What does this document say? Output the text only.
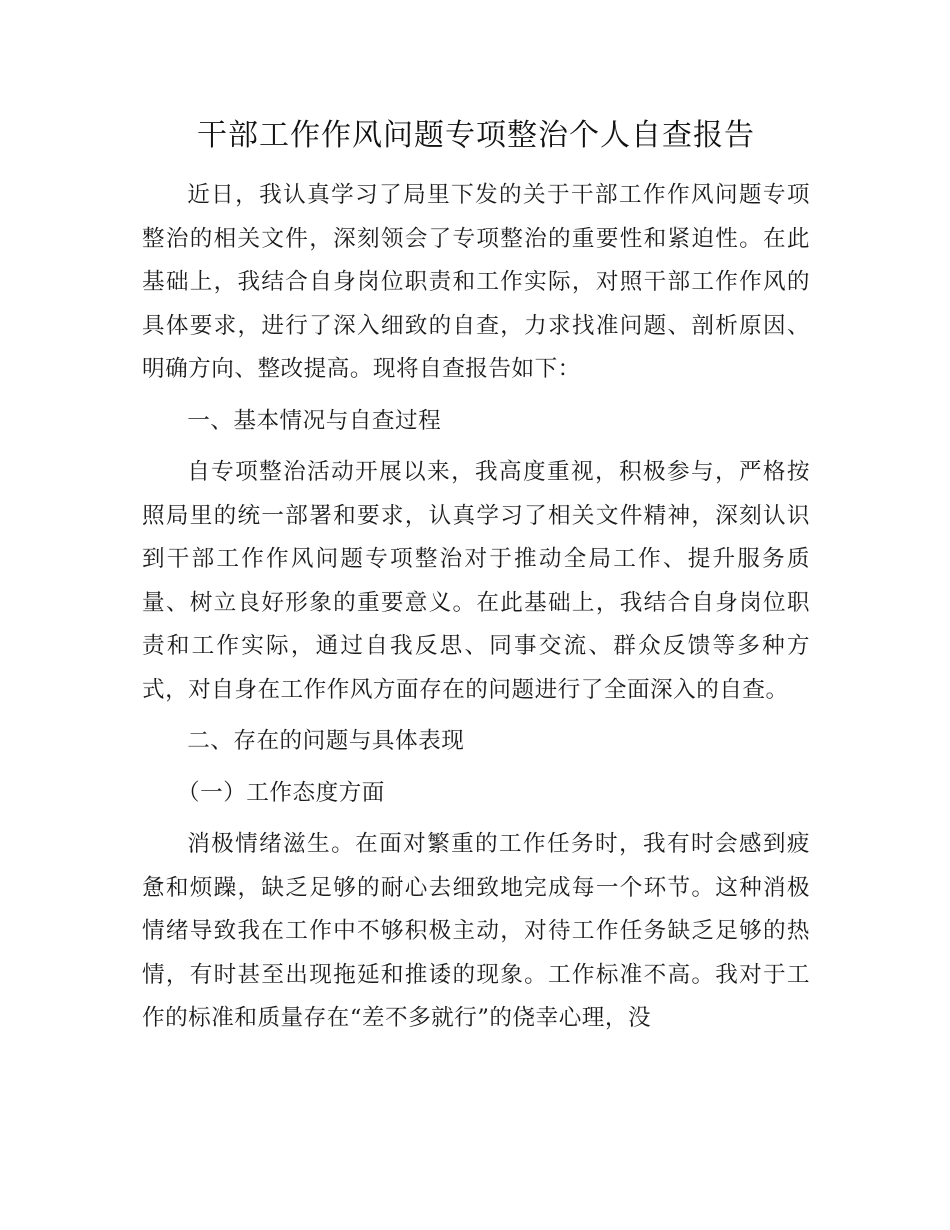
干部工作作风问题专项整治个人自查报告

近日，我认真学习了局里下发的关于干部工作作风问题专项整治的相关文件，深刻领会了专项整治的重要性和紧迫性。在此基础上，我结合自身岗位职责和工作实际，对照干部工作作风的具体要求，进行了深入细致的自查，力求找准问题、剖析原因、明确方向、整改提高。现将自查报告如下：

一、基本情况与自查过程

自专项整治活动开展以来，我高度重视，积极参与，严格按照局里的统一部署和要求，认真学习了相关文件精神，深刻认识到干部工作作风问题专项整治对于推动全局工作、提升服务质量、树立良好形象的重要意义。在此基础上，我结合自身岗位职责和工作实际，通过自我反思、同事交流、群众反馈等多种方式，对自身在工作作风方面存在的问题进行了全面深入的自查。

二、存在的问题与具体表现
（一）工作态度方面

消极情绪滋生。在面对繁重的工作任务时，我有时会感到疲惫和烦躁，缺乏足够的耐心去细致地完成每一个环节。这种消极情绪导致我在工作中不够积极主动，对待工作任务缺乏足够的热情，有时甚至出现拖延和推诿的现象。工作标准不高。我对于工作的标准和质量存在“差不多就行”的侥幸心理，没
